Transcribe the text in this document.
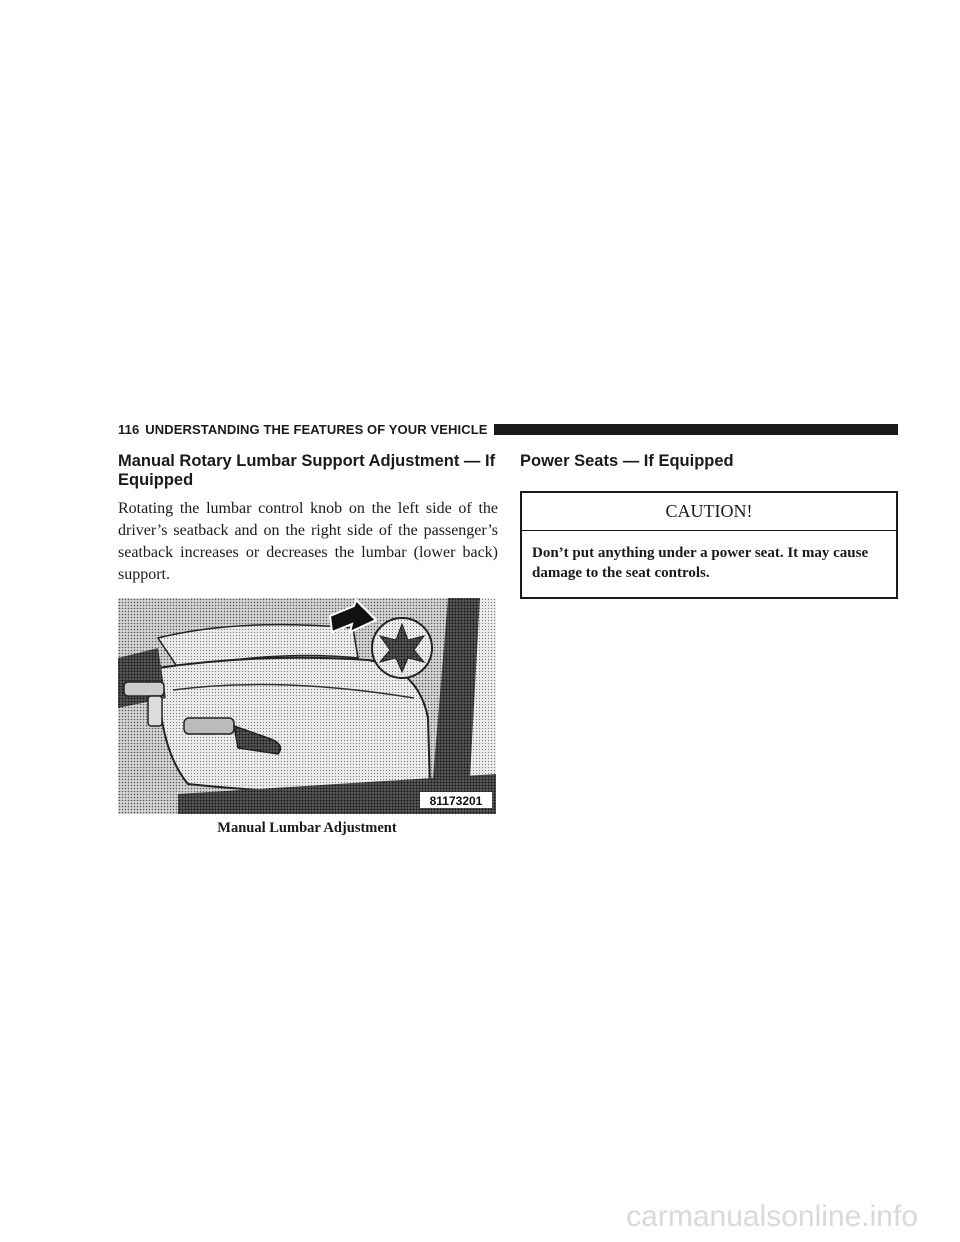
116 UNDERSTANDING THE FEATURES OF YOUR VEHICLE
Manual Rotary Lumbar Support Adjustment — If Equipped

Rotating the lumbar control knob on the left side of the driver’s seatback and on the right side of the passenger’s seatback increases or decreases the lumbar (lower back) support.

81173201
Manual Lumbar Adjustment
Power Seats — If Equipped
CAUTION!
Don’t put anything under a power seat. It may cause damage to the seat controls.
carmanualsonline.info
